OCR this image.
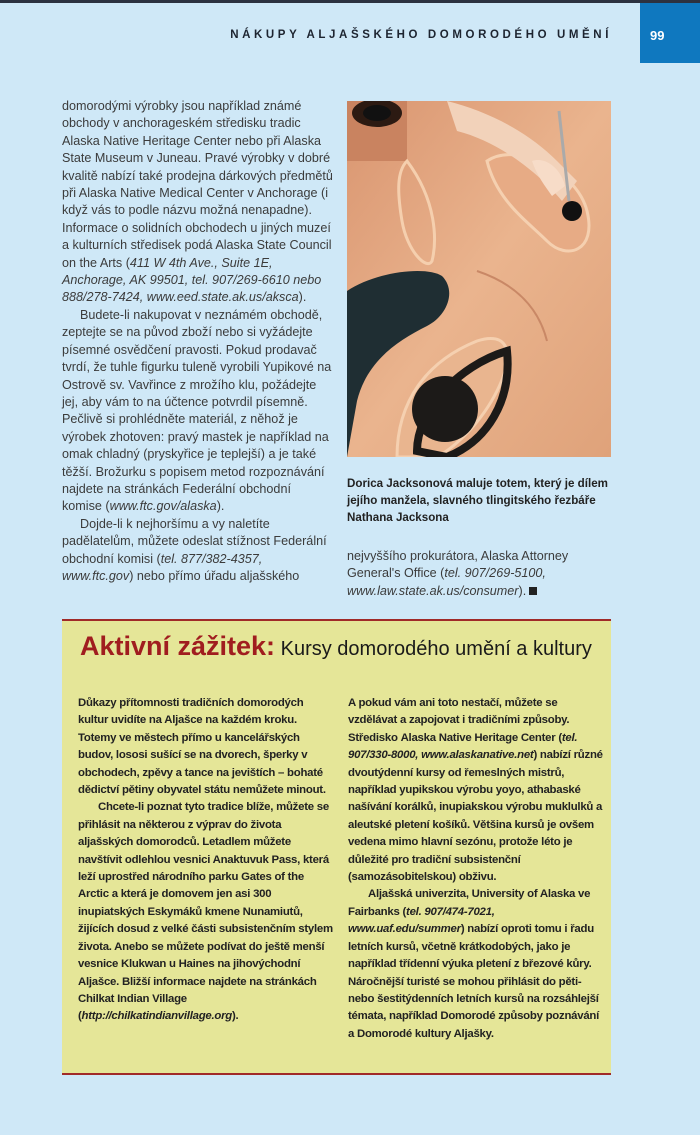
NÁKUPY ALJAŠSKÉHO DOMORODÉHO UMĚNÍ	99

domorodými výrobky jsou například známé obchody v anchorageském středisku tradic Alaska Native Heritage Center nebo při Alaska State Museum v Juneau. Pravé výrobky v dobré kvalitě nabízí také prodejna dárkových předmětů při Alaska Native Medical Center v Anchorage (i když vás to podle názvu možná nenapadne). Informace o solidních obchodech u jiných muzeí a kulturních středisek podá Alaska State Council on the Arts (411 W 4th Ave., Suite 1E, Anchorage, AK 99501, tel. 907/269-6610 nebo 888/278-7424, www.eed.state.ak.us/aksca).

Budete-li nakupovat v neznámém obchodě, zeptejte se na původ zboží nebo si vyžádejte písemné osvědčení pravosti. Pokud prodavač tvrdí, že tuhle figurku tuleně vyrobili Yupikové na Ostrově sv. Vavřince z mrožího klu, požádejte jej, aby vám to na účtence potvrdil písemně. Pečlivě si prohlédněte materiál, z něhož je výrobek zhotoven: pravý mastek je například na omak chladný (pryskyřice je teplejší) a je také těžší. Brožurku s popisem metod rozpoznávání najdete na stránkách Federální obchodní komise (www.ftc.gov/alaska).

Dojde-li k nejhoršímu a vy naletíte padělatelům, můžete odeslat stížnost Federální obchodní komisi (tel. 877/382-4357, www.ftc.gov) nebo přímo úřadu aljašského

Dorica Jacksonová maluje totem, který je dílem jejího manžela, slavného tlingitského řezbáře Nathana Jacksona
nejvyššího prokurátora, Alaska Attorney General's Office (tel. 907/269-5100, www.law.state.ak.us/consumer).
Aktivní zážitek: Kursy domorodého umění a kultury

Důkazy přítomnosti tradičních domorodých kultur uvidíte na Aljašce na každém kroku. Totemy ve městech přímo u kancelářských budov, lososi sušící se na dvorech, šperky v obchodech, zpěvy a tance na jevištích – bohaté dědictví pětiny obyvatel státu nemůžete minout.

Chcete-li poznat tyto tradice blíže, můžete se přihlásit na některou z výprav do života aljašských domorodců. Letadlem můžete navštívit odlehlou vesnici Anaktuvuk Pass, která leží uprostřed národního parku Gates of the Arctic a která je domovem jen asi 300 inupiatských Eskymáků kmene Nunamiutů, žijících dosud z velké části subsistenčním stylem života. Anebo se můžete podívat do ještě menší vesnice Klukwan u Haines na jihovýchodní Aljašce. Bližší informace najdete na stránkách Chilkat Indian Village (http://chilkatindianvillage.org).

A pokud vám ani toto nestačí, můžete se vzdělávat a zapojovat i tradičními způsoby. Středisko Alaska Native Heritage Center (tel. 907/330-8000, www.alaskanative.net) nabízí různé dvoutýdenní kursy od řemeslných mistrů, například yupikskou výrobu yoyo, athabaské našívání korálků, inupiakskou výrobu muklulků a aleutské pletení košíků. Většina kursů je ovšem vedena mimo hlavní sezónu, protože léto je důležité pro tradiční subsistenční (samozásobitelskou) obživu.

Aljašská univerzita, University of Alaska ve Fairbanks (tel. 907/474-7021, www.uaf.edu/summer) nabízí oproti tomu i řadu letních kursů, včetně krátkodobých, jako je například třídenní výuka pletení z březové kůry. Náročnější turisté se mohou přihlásit do pěti- nebo šestitýdenních letních kursů na rozsáhlejší témata, například Domorodé způsoby poznávání a Domorodé kultury Aljašky.
